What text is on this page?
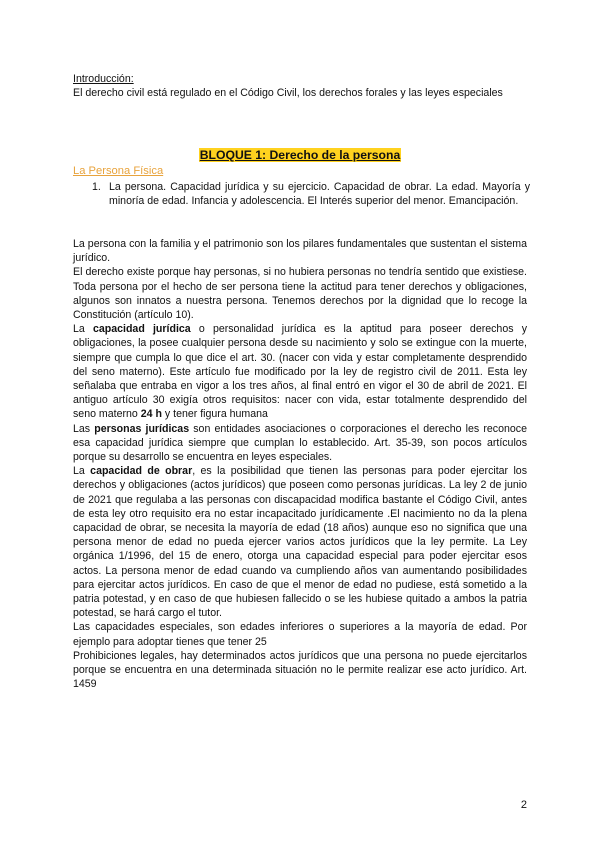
Introducción:
El derecho civil está regulado en el Código Civil, los derechos forales y las leyes especiales
BLOQUE 1: Derecho de la persona
La Persona Física
1. La persona. Capacidad jurídica y su ejercicio. Capacidad de obrar. La edad. Mayoría y minoría de edad. Infancia y adolescencia. El Interés superior del menor. Emancipación.

La persona con la familia y el patrimonio son los pilares fundamentales que sustentan el sistema jurídico.

El derecho existe porque hay personas, si no hubiera personas no tendría sentido que existiese. Toda persona por el hecho de ser persona tiene la actitud para tener derechos y obligaciones, algunos son innatos a nuestra persona. Tenemos derechos por la dignidad que lo recoge la Constitución (artículo 10).

La capacidad jurídica o personalidad jurídica es la aptitud para poseer derechos y obligaciones, la posee cualquier persona desde su nacimiento y solo se extingue con la muerte, siempre que cumpla lo que dice el art. 30. (nacer con vida y estar completamente desprendido del seno materno). Este artículo fue modificado por la ley de registro civil de 2011. Esta ley señalaba que entraba en vigor a los tres años, al final entró en vigor el 30 de abril de 2021. El antiguo artículo 30 exigía otros requisitos: nacer con vida, estar totalmente desprendido del seno materno 24 h y tener figura humana

Las personas jurídicas son entidades asociaciones o corporaciones el derecho les reconoce esa capacidad jurídica siempre que cumplan lo establecido. Art. 35-39, son pocos artículos porque su desarrollo se encuentra en leyes especiales.

La capacidad de obrar, es la posibilidad que tienen las personas para poder ejercitar los derechos y obligaciones (actos jurídicos) que poseen como personas jurídicas. La ley 2 de junio de 2021 que regulaba a las personas con discapacidad modifica bastante el Código Civil, antes de esta ley otro requisito era no estar incapacitado jurídicamente .El nacimiento no da la plena capacidad de obrar, se necesita la mayoría de edad (18 años) aunque eso no significa que una persona menor de edad no pueda ejercer varios actos jurídicos que la ley permite. La Ley orgánica 1/1996, del 15 de enero, otorga una capacidad especial para poder ejercitar esos actos. La persona menor de edad cuando va cumpliendo años van aumentando posibilidades para ejercitar actos jurídicos. En caso de que el menor de edad no pudiese, está sometido a la patria potestad, y en caso de que hubiesen fallecido o se les hubiese quitado a ambos la patria potestad, se hará cargo el tutor.

Las capacidades especiales, son edades inferiores o superiores a la mayoría de edad. Por ejemplo para adoptar tienes que tener 25

Prohibiciones legales, hay determinados actos jurídicos que una persona no puede ejercitarlos porque se encuentra en una determinada situación no le permite realizar ese acto jurídico. Art. 1459

2
